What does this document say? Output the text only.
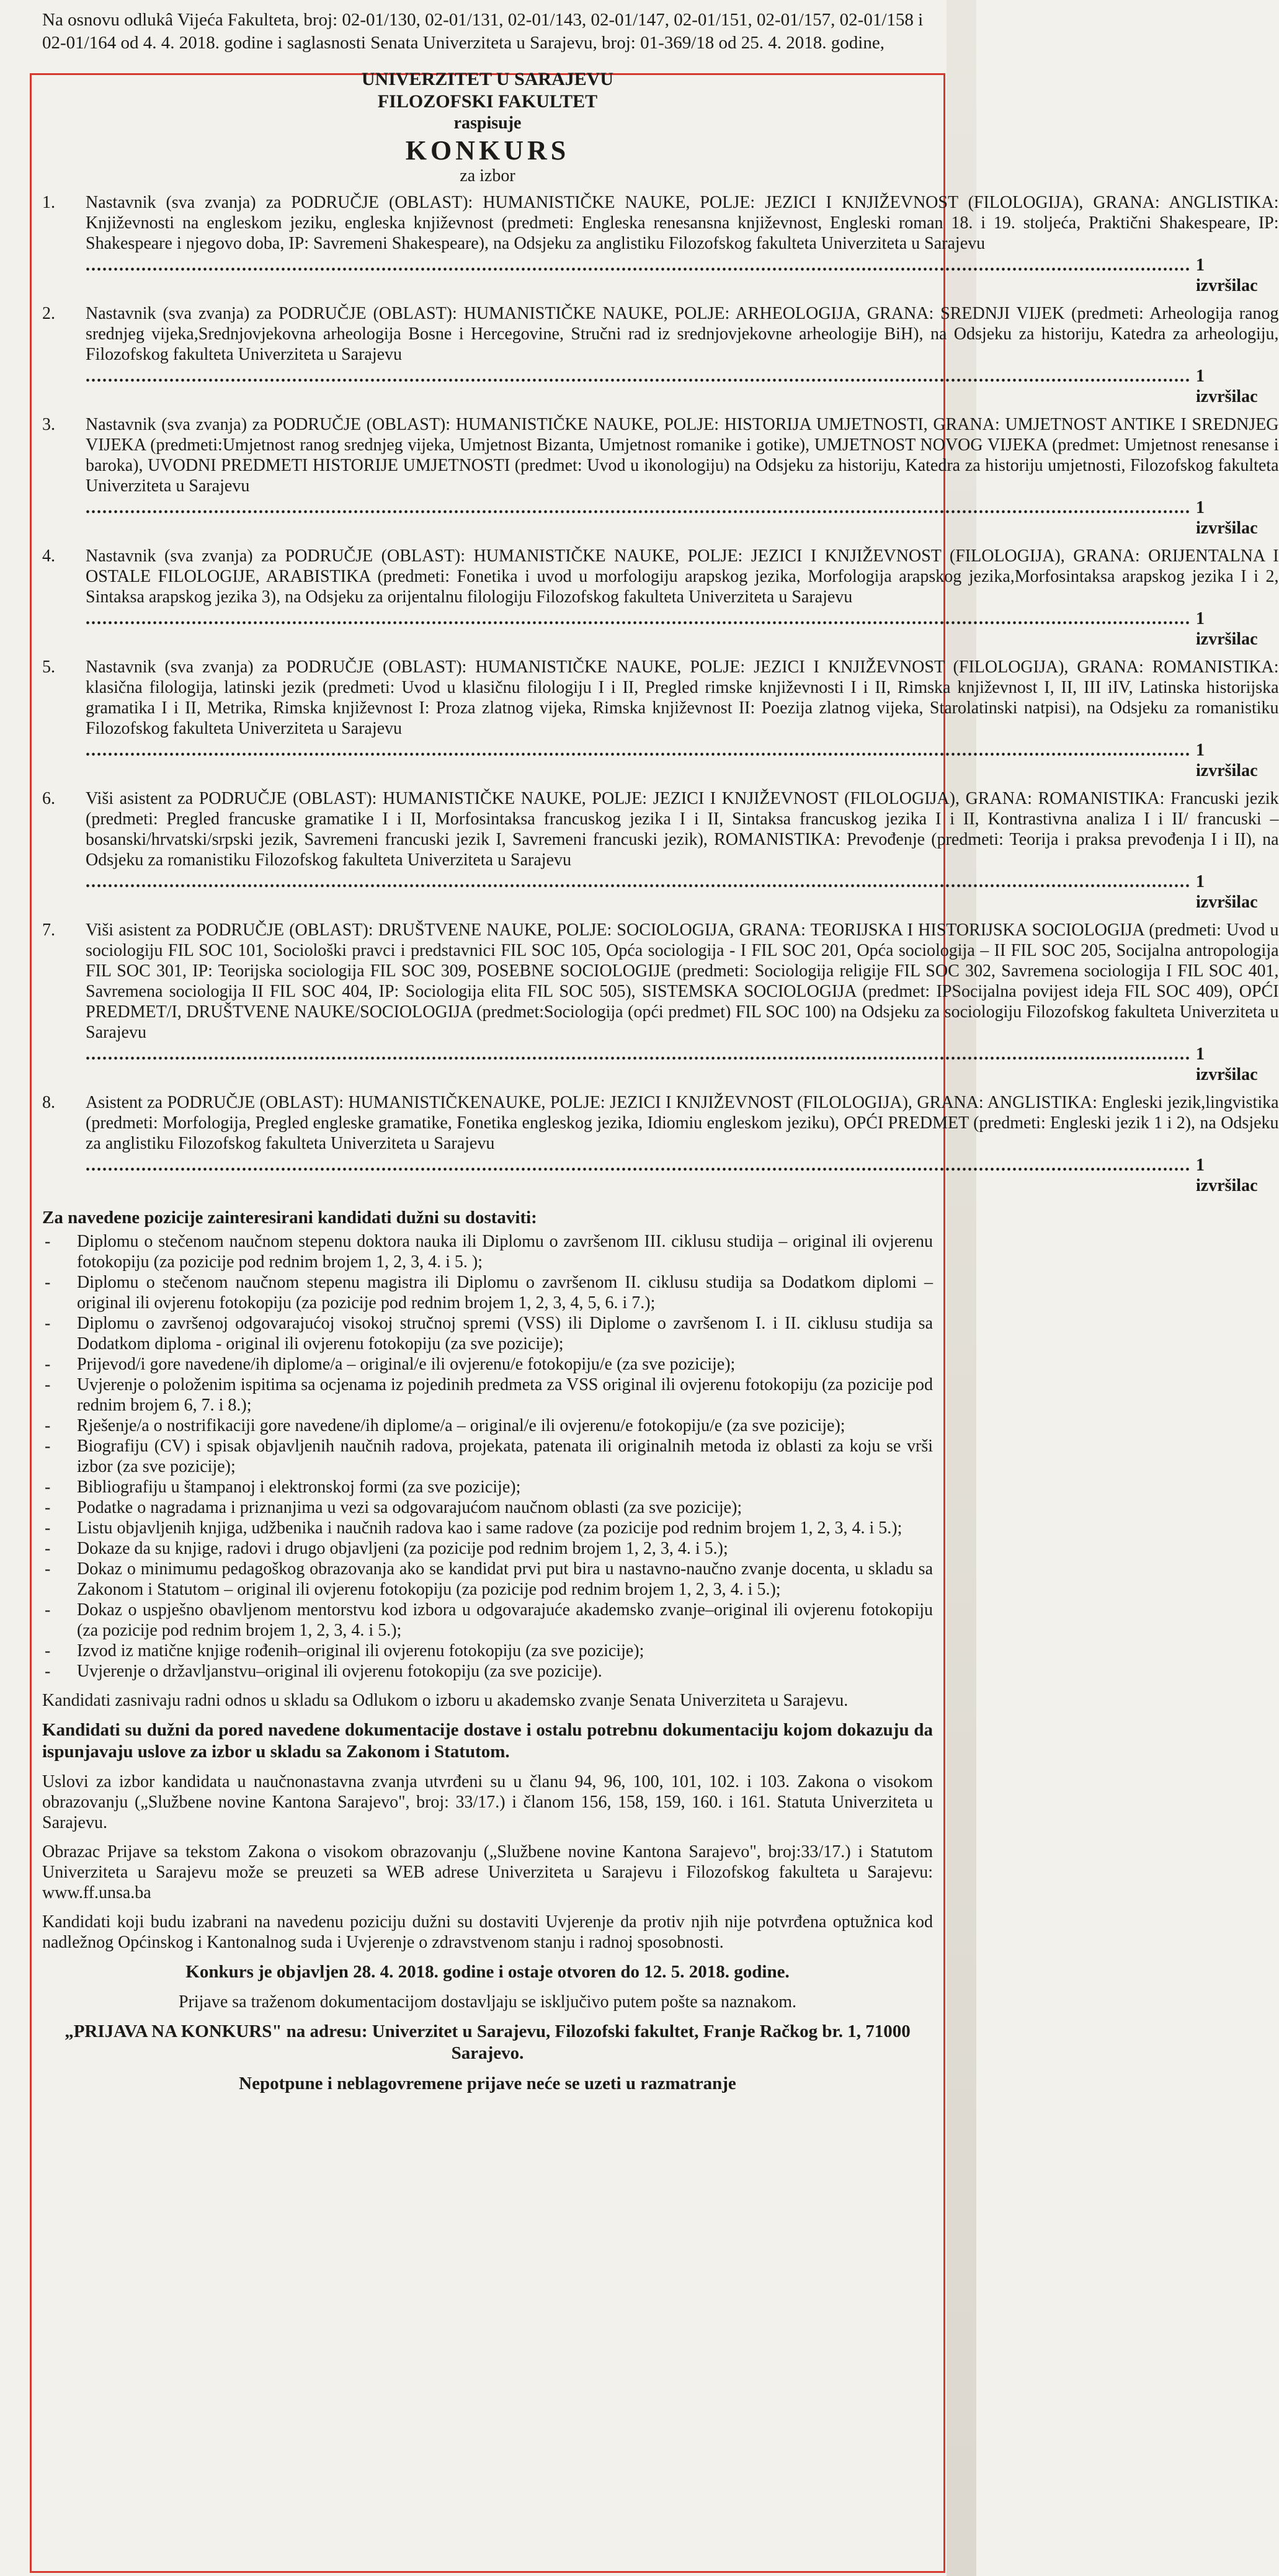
Na osnovu odlukâ Vijeća Fakulteta, broj: 02-01/130, 02-01/131, 02-01/143, 02-01/147, 02-01/151, 02-01/157, 02-01/158 i 02-01/164 od 4. 4. 2018. godine i saglasnosti Senata Univerziteta u Sarajevu, broj: 01-369/18 od 25. 4. 2018. godine,

UNIVERZITET U SARAJEVU
FILOZOFSKI FAKULTET
raspisuje
KONKURS
za izbor
1.	Nastavnik (sva zvanja) za PODRUČJE (OBLAST): HUMANISTIČKE NAUKE, POLJE: JEZICI I KNJIŽEVNOST (FILOLOGIJA), GRANA: ANGLISTIKA: Književnosti na engleskom jeziku, engleska književnost (predmeti: Engleska renesansna književnost, Engleski roman 18. i 19. stoljeća, Praktični Shakespeare, IP: Shakespeare i njegovo doba, IP: Savremeni Shakespeare), na Odsjeku za anglistiku Filozofskog fakulteta Univerziteta u Sarajevu
.....
1 izvršilac
2.	Nastavnik (sva zvanja) za PODRUČJE (OBLAST): HUMANISTIČKE NAUKE, POLJE: ARHEOLOGIJA, GRANA: SREDNJI VIJEK (predmeti: Arheologija ranog srednjeg vijeka,Srednjovjekovna arheologija Bosne i Hercegovine, Stručni rad iz srednjovjekovne arheologije BiH), na Odsjeku za historiju, Katedra za arheologiju, Filozofskog fakulteta Univerziteta u Sarajevu
.....
1 izvršilac
3.	Nastavnik (sva zvanja) za PODRUČJE (OBLAST): HUMANISTIČKE NAUKE, POLJE: HISTORIJA UMJETNOSTI, GRANA: UMJETNOST ANTIKE I SREDNJEG VIJEKA (predmeti:Umjetnost ranog srednjeg vijeka, Umjetnost Bizanta, Umjetnost romanike i gotike), UMJETNOST NOVOG VIJEKA (predmet: Umjetnost renesanse i baroka), UVODNI PREDMETI HISTORIJE UMJETNOSTI (predmet: Uvod u ikonologiju) na Odsjeku za historiju, Katedra za historiju umjetnosti, Filozofskog fakulteta Univerziteta u Sarajevu
.....
1 izvršilac
4.	Nastavnik (sva zvanja) za PODRUČJE (OBLAST): HUMANISTIČKE NAUKE, POLJE: JEZICI I KNJIŽEVNOST (FILOLOGIJA), GRANA: ORIJENTALNA I OSTALE FILOLOGIJE, ARABISTIKA (predmeti: Fonetika i uvod u morfologiju arapskog jezika, Morfologija arapskog jezika,Morfosintaksa arapskog jezika I i 2, Sintaksa arapskog jezika 3), na Odsjeku za orijentalnu filologiju Filozofskog fakulteta Univerziteta u Sarajevu
.....
1 izvršilac
5.	Nastavnik (sva zvanja) za PODRUČJE (OBLAST): HUMANISTIČKE NAUKE, POLJE: JEZICI I KNJIŽEVNOST (FILOLOGIJA), GRANA: ROMANISTIKA: klasična filologija, latinski jezik (predmeti: Uvod u klasičnu filologiju I i II, Pregled rimske književnosti I i II, Rimska književnost I, II, III iIV, Latinska historijska gramatika I i II, Metrika, Rimska književnost I: Proza zlatnog vijeka, Rimska književnost II: Poezija zlatnog vijeka, Starolatinski natpisi), na Odsjeku za romanistiku Filozofskog fakulteta Univerziteta u Sarajevu
.....
1 izvršilac
6.	Viši asistent za PODRUČJE (OBLAST): HUMANISTIČKE NAUKE, POLJE: JEZICI I KNJIŽEVNOST (FILOLOGIJA), GRANA: ROMANISTIKA: Francuski jezik (predmeti: Pregled francuske gramatike I i II, Morfosintaksa francuskog jezika I i II, Sintaksa francuskog jezika I i II, Kontrastivna analiza I i II/ francuski – bosanski/hrvatski/srpski jezik, Savremeni francuski jezik I, Savremeni francuski jezik), ROMANISTIKA: Prevođenje (predmeti: Teorija i praksa prevođenja I i II), na Odsjeku za romanistiku Filozofskog fakulteta Univerziteta u Sarajevu
.....
1 izvršilac
7.	Viši asistent za PODRUČJE (OBLAST): DRUŠTVENE NAUKE, POLJE: SOCIOLOGIJA, GRANA: TEORIJSKA I HISTORIJSKA SOCIOLOGIJA (predmeti: Uvod u sociologiju FIL SOC 101, Sociološki pravci i predstavnici FIL SOC 105, Opća sociologija - I FIL SOC 201, Opća sociologija – II FIL SOC 205, Socijalna antropologija FIL SOC 301, IP: Teorijska sociologija FIL SOC 309, POSEBNE SOCIOLOGIJE (predmeti: Sociologija religije FIL SOC 302, Savremena sociologija I FIL SOC 401, Savremena sociologija II FIL SOC 404, IP: Sociologija elita FIL SOC 505), SISTEMSKA SOCIOLOGIJA (predmet: IPSocijalna povijest ideja FIL SOC 409), OPĆI PREDMET/I, DRUŠTVENE NAUKE/SOCIOLOGIJA (predmet:Sociologija (opći predmet) FIL SOC 100) na Odsjeku za sociologiju Filozofskog fakulteta Univerziteta u Sarajevu
.....
1 izvršilac
8.	Asistent za PODRUČJE (OBLAST): HUMANISTIČKENAUKE, POLJE: JEZICI I KNJIŽEVNOST (FILOLOGIJA), GRANA: ANGLISTIKA: Engleski jezik,lingvistika (predmeti: Morfologija, Pregled engleske gramatike, Fonetika engleskog jezika, Idiomiu engleskom jeziku), OPĆI PREDMET (predmeti: Engleski jezik 1 i 2), na Odsjeku za anglistiku Filozofskog fakulteta Univerziteta u Sarajevu
.....
1 izvršilac
Za navedene pozicije zainteresirani kandidati dužni su dostaviti:
-	Diplomu o stečenom naučnom stepenu doktora nauka ili Diplomu o završenom III. ciklusu studija – original ili ovjerenu fotokopiju (za pozicije pod rednim brojem 1, 2, 3, 4. i 5. );
-	Diplomu o stečenom naučnom stepenu magistra ili Diplomu o završenom II. ciklusu studija sa Dodatkom diplomi – original ili ovjerenu fotokopiju (za pozicije pod rednim brojem 1, 2, 3, 4, 5, 6. i 7.);
-	Diplomu o završenoj odgovarajućoj visokoj stručnoj spremi (VSS) ili Diplome o završenom I. i II. ciklusu studija sa Dodatkom diploma - original ili ovjerenu fotokopiju (za sve pozicije);
-	Prijevod/i gore navedene/ih diplome/a – original/e ili ovjerenu/e fotokopiju/e (za sve pozicije);
-	Uvjerenje o položenim ispitima sa ocjenama iz pojedinih predmeta za VSS original ili ovjerenu fotokopiju (za pozicije pod rednim brojem 6, 7. i 8.);
-	Rješenje/a o nostrifikaciji gore navedene/ih diplome/a – original/e ili ovjerenu/e fotokopiju/e (za sve pozicije);
-	Biografiju (CV) i spisak objavljenih naučnih radova, projekata, patenata ili originalnih metoda iz oblasti za koju se vrši izbor (za sve pozicije);
-	Bibliografiju u štampanoj i elektronskoj formi (za sve pozicije);
-	Podatke o nagradama i priznanjima u vezi sa odgovarajućom naučnom oblasti (za sve pozicije);
-	Listu objavljenih knjiga, udžbenika i naučnih radova kao i same radove (za pozicije pod rednim brojem 1, 2, 3, 4. i 5.);
-	Dokaze da su knjige, radovi i drugo objavljeni (za pozicije pod rednim brojem 1, 2, 3, 4. i 5.);
-	Dokaz o minimumu pedagoškog obrazovanja ako se kandidat prvi put bira u nastavno-naučno zvanje docenta, u skladu sa Zakonom i Statutom – original ili ovjerenu fotokopiju (za pozicije pod rednim brojem 1, 2, 3, 4. i 5.);
-	Dokaz o uspješno obavljenom mentorstvu kod izbora u odgovarajuće akademsko zvanje–original ili ovjerenu fotokopiju (za pozicije pod rednim brojem 1, 2, 3, 4. i 5.);
-	Izvod iz matične knjige rođenih–original ili ovjerenu fotokopiju (za sve pozicije);
-	Uvjerenje o državljanstvu–original ili ovjerenu fotokopiju (za sve pozicije).

Kandidati zasnivaju radni odnos u skladu sa Odlukom o izboru u akademsko zvanje Senata Univerziteta u Sarajevu.

Kandidati su dužni da pored navedene dokumentacije dostave i ostalu potrebnu dokumentaciju kojom dokazuju da ispunjavaju uslove za izbor u skladu sa Zakonom i Statutom.

Uslovi za izbor kandidata u naučnonastavna zvanja utvrđeni su u članu 94, 96, 100, 101, 102. i 103. Zakona o visokom obrazovanju („Službene novine Kantona Sarajevo", broj: 33/17.) i članom 156, 158, 159, 160. i 161. Statuta Univerziteta u Sarajevu.

Obrazac Prijave sa tekstom Zakona o visokom obrazovanju („Službene novine Kantona Sarajevo", broj:33/17.) i Statutom Univerziteta u Sarajevu može se preuzeti sa WEB adrese Univerziteta u Sarajevu i Filozofskog fakulteta u Sarajevu: www.ff.unsa.ba

Kandidati koji budu izabrani na navedenu poziciju dužni su dostaviti Uvjerenje da protiv njih nije potvrđena optužnica kod nadležnog Općinskog i Kantonalnog suda i Uvjerenje o zdravstvenom stanju i radnoj sposobnosti.

Konkurs je objavljen 28. 4. 2018. godine i ostaje otvoren do 12. 5. 2018. godine.

Prijave sa traženom dokumentacijom dostavljaju se isključivo putem pošte sa naznakom.

„PRIJAVA NA KONKURS" na adresu: Univerzitet u Sarajevu, Filozofski fakultet, Franje Račkog br. 1, 71000 Sarajevo.

Nepotpune i neblagovremene prijave neće se uzeti u razmatranje
